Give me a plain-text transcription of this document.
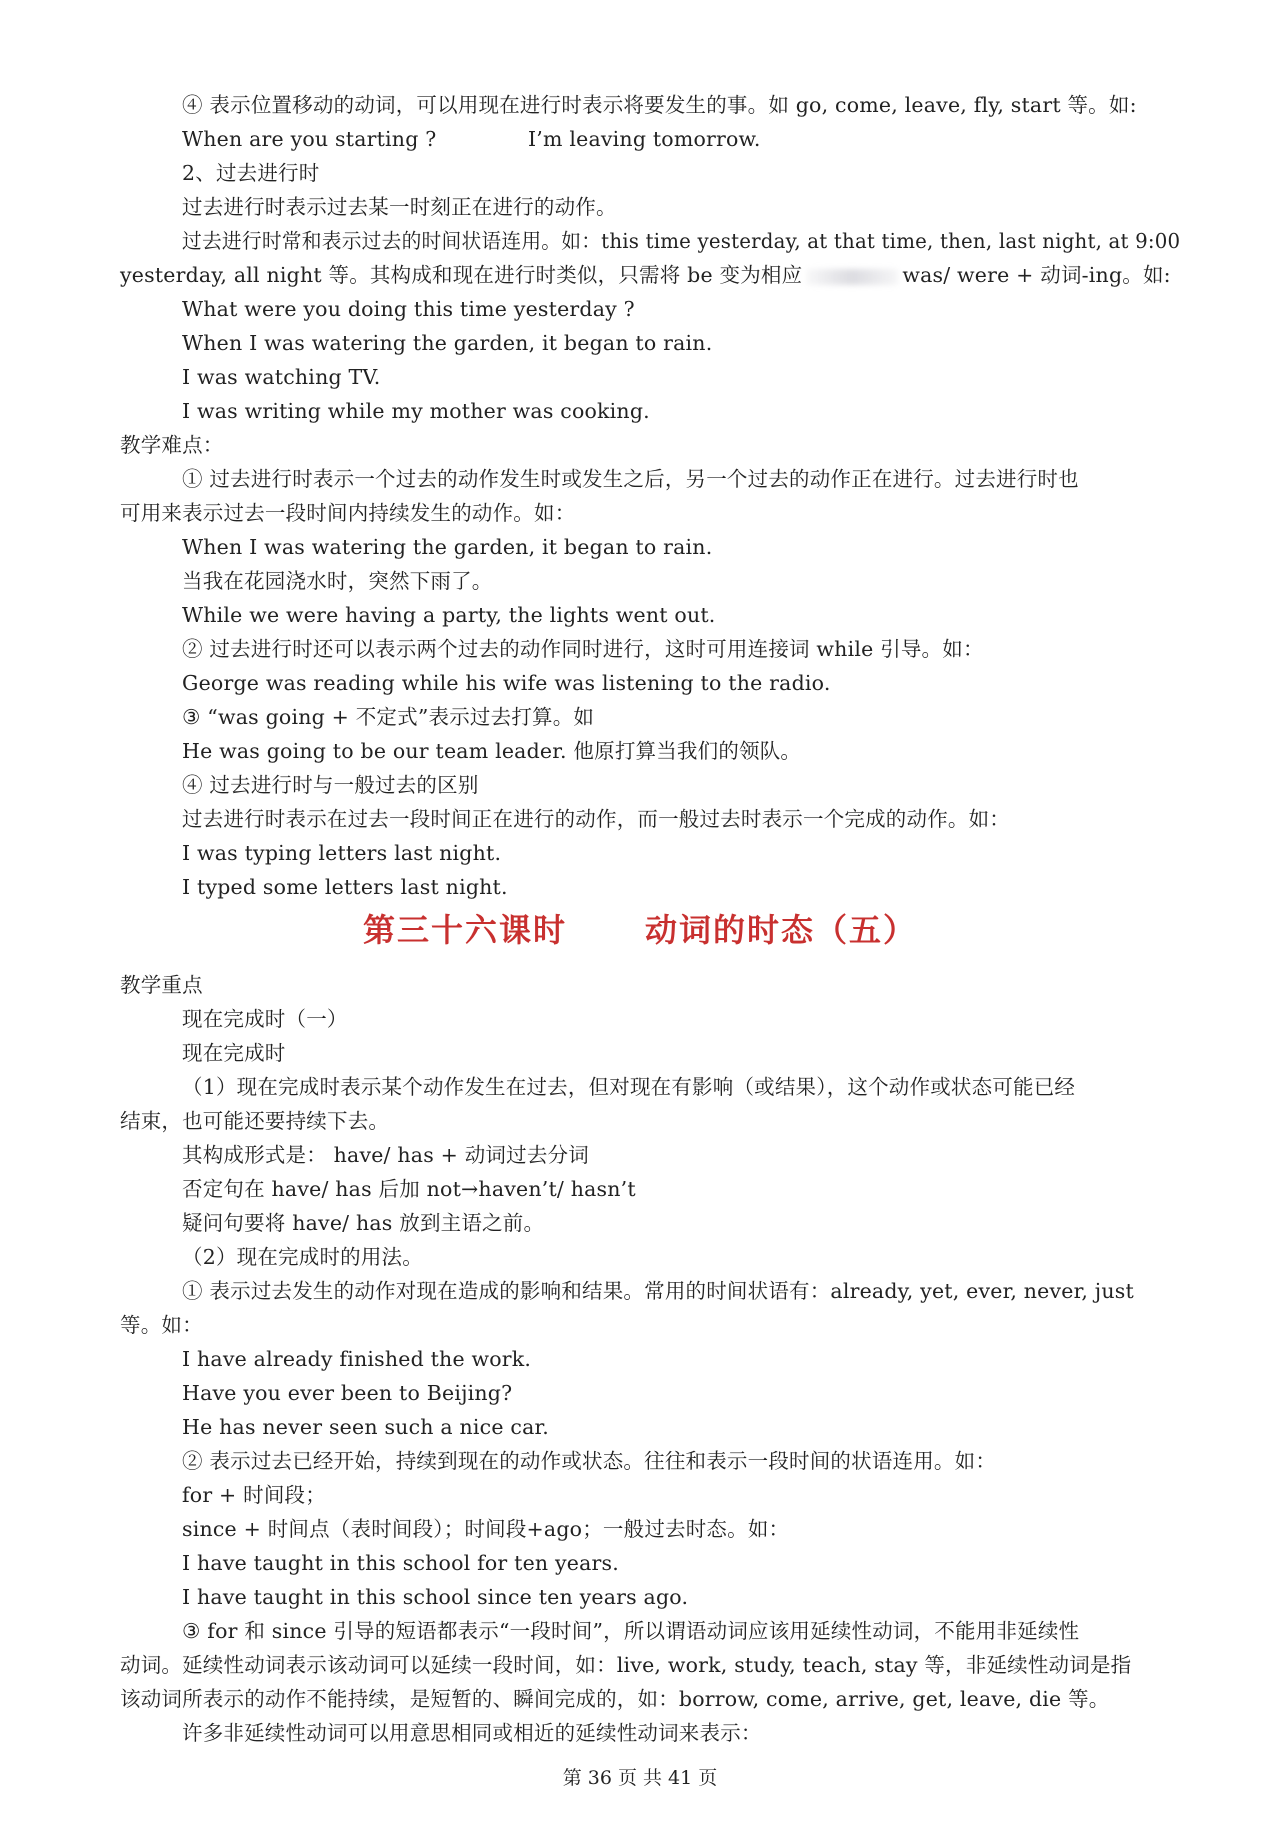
④ 表示位置移动的动词，可以用现在进行时表示将要发生的事。如 go, come, leave, fly, start 等。如:
When are you starting ?	I’m leaving tomorrow.
2、过去进行时
过去进行时表示过去某一时刻正在进行的动作。
过去进行时常和表示过去的时间状语连用。如：this time yesterday, at that time, then, last night, at 9:00
yesterday, all night 等。其构成和现在进行时类似，只需将 be 变为相应	was/ were + 动词-ing。如:
What were you doing this time yesterday ?
When I was watering the garden, it began to rain.
I was watching TV.
I was writing while my mother was cooking.
教学难点：
① 过去进行时表示一个过去的动作发生时或发生之后，另一个过去的动作正在进行。过去进行时也
可用来表示过去一段时间内持续发生的动作。如：
When I was watering the garden, it began to rain.
当我在花园浇水时，突然下雨了。
While we were having a party, the lights went out.
② 过去进行时还可以表示两个过去的动作同时进行，这时可用连接词 while 引导。如：
George was reading while his wife was listening to the radio.
③ “was going + 不定式”表示过去打算。如
He was going to be our team leader. 他原打算当我们的领队。
④ 过去进行时与一般过去的区别
过去进行时表示在过去一段时间正在进行的动作，而一般过去时表示一个完成的动作。如：
I was typing letters last night.
I typed some letters last night.
第三十六课时 动词的时态（五）
教学重点
现在完成时（一）
现在完成时
（1）现在完成时表示某个动作发生在过去，但对现在有影响（或结果），这个动作或状态可能已经
结束，也可能还要持续下去。
其构成形式是： have/ has + 动词过去分词
否定句在 have/ has 后加 not→haven’t/ hasn’t
疑问句要将 have/ has 放到主语之前。
（2）现在完成时的用法。
① 表示过去发生的动作对现在造成的影响和结果。常用的时间状语有：already, yet, ever, never, just
等。如：
I have already finished the work.
Have you ever been to Beijing?
He has never seen such a nice car.
② 表示过去已经开始，持续到现在的动作或状态。往往和表示一段时间的状语连用。如：
for + 时间段；
since + 时间点（表时间段）；时间段+ago；一般过去时态。如：
I have taught in this school for ten years.
I have taught in this school since ten years ago.
③ for 和 since 引导的短语都表示“一段时间”，所以谓语动词应该用延续性动词，不能用非延续性
动词。延续性动词表示该动词可以延续一段时间，如：live, work, study, teach, stay 等，非延续性动词是指
该动词所表示的动作不能持续，是短暂的、瞬间完成的，如：borrow, come, arrive, get, leave, die 等。
许多非延续性动词可以用意思相同或相近的延续性动词来表示：
第 36 页 共 41 页
